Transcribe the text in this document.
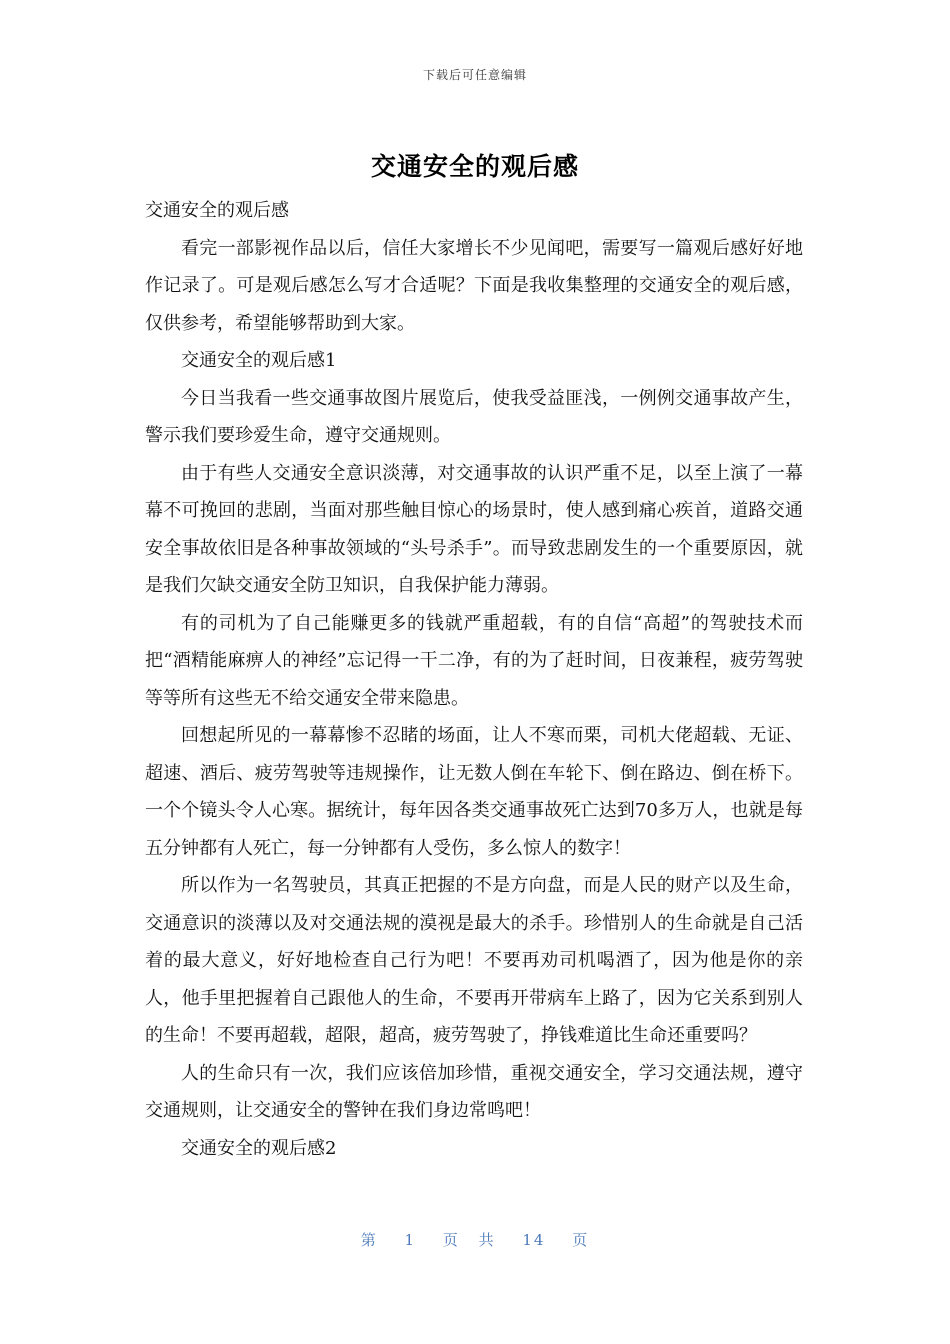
下载后可任意编辑
交通安全的观后感

交通安全的观后感

看完一部影视作品以后，信任大家增长不少见闻吧，需要写一篇观后感好好地作记录了。可是观后感怎么写才合适呢？下面是我收集整理的交通安全的观后感，仅供参考，希望能够帮助到大家。

交通安全的观后感1

今日当我看一些交通事故图片展览后，使我受益匪浅，一例例交通事故产生，警示我们要珍爱生命，遵守交通规则。

由于有些人交通安全意识淡薄，对交通事故的认识严重不足，以至上演了一幕幕不可挽回的悲剧，当面对那些触目惊心的场景时，使人感到痛心疾首，道路交通安全事故依旧是各种事故领域的“头号杀手”。而导致悲剧发生的一个重要原因，就是我们欠缺交通安全防卫知识，自我保护能力薄弱。

有的司机为了自己能赚更多的钱就严重超载，有的自信“高超”的驾驶技术而把“酒精能麻痹人的神经”忘记得一干二净，有的为了赶时间，日夜兼程，疲劳驾驶等等所有这些无不给交通安全带来隐患。

回想起所见的一幕幕惨不忍睹的场面，让人不寒而栗，司机大佬超载、无证、超速、酒后、疲劳驾驶等违规操作，让无数人倒在车轮下、倒在路边、倒在桥下。一个个镜头令人心寒。据统计，每年因各类交通事故死亡达到70多万人，也就是每五分钟都有人死亡，每一分钟都有人受伤，多么惊人的数字！

所以作为一名驾驶员，其真正把握的不是方向盘，而是人民的财产以及生命，交通意识的淡薄以及对交通法规的漠视是最大的杀手。珍惜别人的生命就是自己活着的最大意义，好好地检查自己行为吧！不要再劝司机喝酒了，因为他是你的亲人，他手里把握着自己跟他人的生命，不要再开带病车上路了，因为它关系到别人的生命！不要再超载，超限，超高，疲劳驾驶了，挣钱难道比生命还重要吗？

人的生命只有一次，我们应该倍加珍惜，重视交通安全，学习交通法规，遵守交通规则，让交通安全的警钟在我们身边常鸣吧！

交通安全的观后感2

第 1 页 共 14 页
